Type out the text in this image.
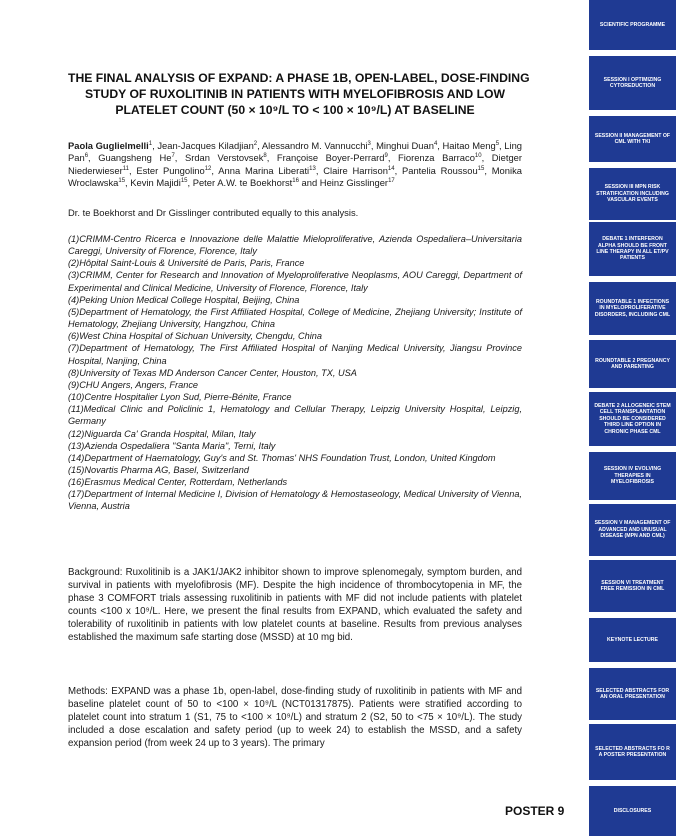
THE FINAL ANALYSIS OF EXPAND: A PHASE 1B, OPEN-LABEL, DOSE-FINDING
STUDY OF RUXOLITINIB IN PATIENTS WITH MYELOFIBROSIS AND LOW
PLATELET COUNT (50 × 10⁹/L TO < 100 × 10⁹/L) AT BASELINE
Paola Guglielmelli$^1$, Jean-Jacques Kiladjian$^2$, Alessandro M. Vannucchi$^3$, Minghui Duan$^4$, Haitao Meng$^5$, Ling Pan$^6$, Guangsheng He$^7$, Srdan Verstovsek$^8$, Françoise Boyer-Perrard$^9$, Fiorenza Barraco$^{10}$, Dietger Niederwieser$^{11}$, Ester Pungolino$^{12}$, Anna Marina Liberati$^{13}$, Claire Harrison$^{14}$, Pantelia Roussou$^{15}$, Monika Wroclawska$^{15}$, Kevin Majidi$^{15}$, Peter A.W. te Boekhorst$^{16}$ and Heinz Gisslinger$^{17}$
Dr. te Boekhorst and Dr Gisslinger contributed equally to this analysis.
(1)CRIMM-Centro Ricerca e Innovazione delle Malattie Mieloproliferative, Azienda Ospedaliera–Universitaria Careggi, University of Florence, Florence, Italy
(2)Hôpital Saint-Louis & Université de Paris, Paris, France
(3)CRIMM, Center for Research and Innovation of Myeloproliferative Neoplasms, AOU Careggi, Department of Experimental and Clinical Medicine, University of Florence, Florence, Italy
(4)Peking Union Medical College Hospital, Beijing, China
(5)Department of Hematology, the First Affiliated Hospital, College of Medicine, Zhejiang University; Institute of Hematology, Zhejiang University, Hangzhou, China
(6)West China Hospital of Sichuan University, Chengdu, China
(7)Department of Hematology, The First Affiliated Hospital of Nanjing Medical University, Jiangsu Province Hospital, Nanjing, China
(8)University of Texas MD Anderson Cancer Center, Houston, TX, USA
(9)CHU Angers, Angers, France
(10)Centre Hospitalier Lyon Sud, Pierre-Bénite, France
(11)Medical Clinic and Policlinic 1, Hematology and Cellular Therapy, Leipzig University Hospital, Leipzig, Germany
(12)Niguarda Ca' Granda Hospital, Milan, Italy
(13)Azienda Ospedaliera "Santa Maria", Terni, Italy
(14)Department of Haematology, Guy's and St. Thomas' NHS Foundation Trust, London, United Kingdom
(15)Novartis Pharma AG, Basel, Switzerland
(16)Erasmus Medical Center, Rotterdam, Netherlands
(17)Department of Internal Medicine I, Division of Hematology & Hemostaseology, Medical University of Vienna, Vienna, Austria
Background: Ruxolitinib is a JAK1/JAK2 inhibitor shown to improve splenomegaly, symptom burden, and survival in patients with myelofibrosis (MF). Despite the high incidence of thrombocytopenia in MF, the phase 3 COMFORT trials assessing ruxolitinib in patients with MF did not include patients with platelet counts <100 x 10⁹/L. Here, we present the final results from EXPAND, which evaluated the safety and tolerability of ruxolitinib in patients with low platelet counts at baseline. Results from previous analyses established the maximum safe starting dose (MSSD) at 10 mg bid.
Methods: EXPAND was a phase 1b, open-label, dose-finding study of ruxolitinib in patients with MF and baseline platelet count of 50 to <100 × 10⁹/L (NCT01317875). Patients were stratified according to platelet count into stratum 1 (S1, 75 to <100 × 10⁹/L) and stratum 2 (S2, 50 to <75 × 10⁹/L). The study included a dose escalation and safety period (up to week 24) to establish the MSSD, and a safety expansion period (from week 24 up to 3 years). The primary
POSTER 9
SCIENTIFIC PROGRAMME
SESSION I OPTIMIZING CYTOREDUCTION
SESSION II MANAGEMENT OF CML WITH TKI
SESSION III MPN RISK STRATIFICATION INCLUDING VASCULAR EVENTS
DEBATE 1 INTERFERON ALPHA SHOULD BE FRONT LINE THERAPY IN ALL ET/PV PATIENTS
ROUNDTABLE 1 INFECTIONS IN MYELOPROLIFERATIVE DISORDERS, INCLUDING CML
ROUNDTABLE 2 PREGNANCY AND PARENTING
DEBATE 2 ALLOGENEIC STEM CELL TRANSPLANTATION SHOULD BE CONSIDERED THIRD LINE OPTION IN CHRONIC PHASE CML
SESSION IV EVOLVING THERAPIES IN MYELOFIBROSIS
SESSION V MANAGEMENT OF ADVANCED AND UNUSUAL DISEASE (MPN AND CML)
SESSION VI TREATMENT FREE REMISSION IN CML
KEYNOTE LECTURE
SELECTED ABSTRACTS FOR AN ORAL PRESENTATION
SELECTED ABSTRACTS FO R A POSTER PRESENTATION
DISCLOSURES
